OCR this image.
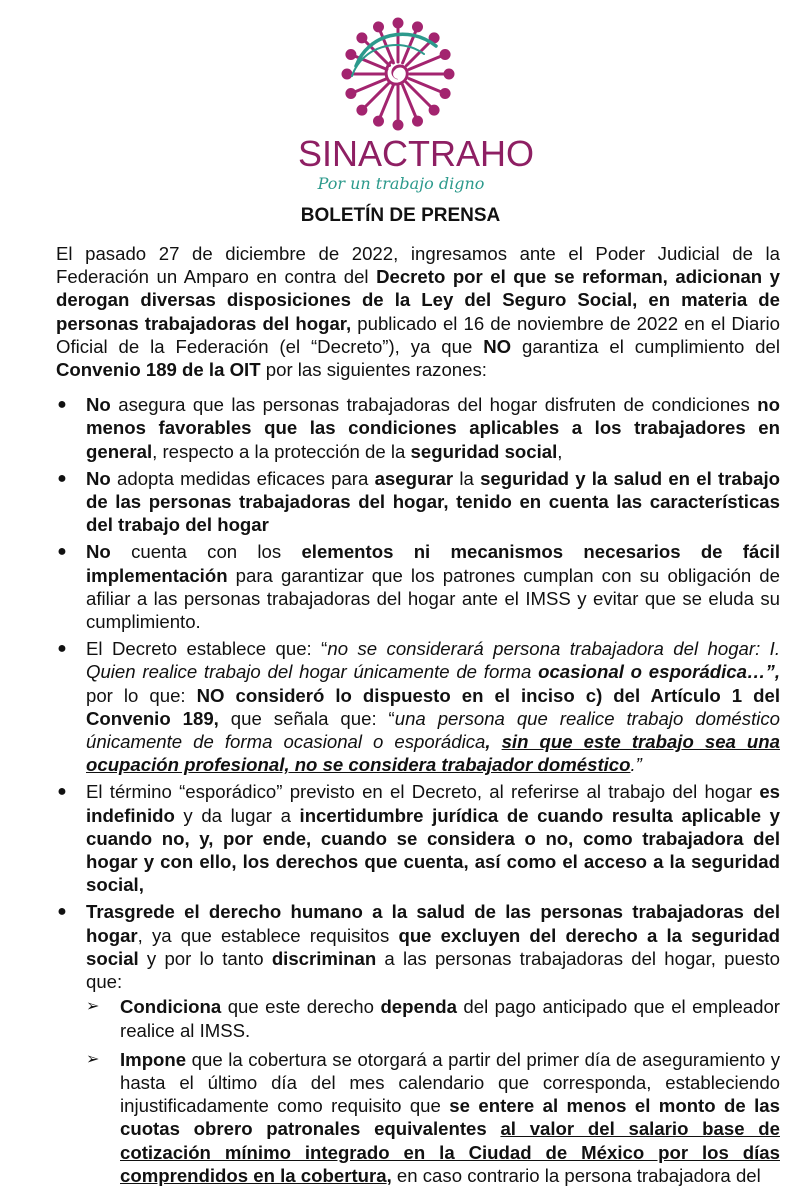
SINACTRAHO
Por un trabajo digno
BOLETÍN DE PRENSA

El pasado 27 de diciembre de 2022, ingresamos ante el Poder Judicial de la Federación un Amparo en contra del Decreto por el que se reforman, adicionan y derogan diversas disposiciones de la Ley del Seguro Social, en materia de personas trabajadoras del hogar, publicado el 16 de noviembre de 2022 en el Diario Oficial de la Federación (el “Decreto”), ya que NO garantiza el cumplimiento del Convenio 189 de la OIT por las siguientes razones:

● No asegura que las personas trabajadoras del hogar disfruten de condiciones no menos favorables que las condiciones aplicables a los trabajadores en general, respecto a la protección de la seguridad social,
● No adopta medidas eficaces para asegurar la seguridad y la salud en el trabajo de las personas trabajadoras del hogar, tenido en cuenta las características del trabajo del hogar
● No cuenta con los elementos ni mecanismos necesarios de fácil implementación para garantizar que los patrones cumplan con su obligación de afiliar a las personas trabajadoras del hogar ante el IMSS y evitar que se eluda su cumplimiento.
● El Decreto establece que: “no se considerará persona trabajadora del hogar: I. Quien realice trabajo del hogar únicamente de forma ocasional o esporádica…”, por lo que: NO consideró lo dispuesto en el inciso c) del Artículo 1 del Convenio 189, que señala que: “una persona que realice trabajo doméstico únicamente de forma ocasional o esporádica, sin que este trabajo sea una ocupación profesional, no se considera trabajador doméstico.”
● El término “esporádico” previsto en el Decreto, al referirse al trabajo del hogar es indefinido y da lugar a incertidumbre jurídica de cuando resulta aplicable y cuando no, y, por ende, cuando se considera o no, como trabajadora del hogar y con ello, los derechos que cuenta, así como el acceso a la seguridad social,
● Trasgrede el derecho humano a la salud de las personas trabajadoras del hogar, ya que establece requisitos que excluyen del derecho a la seguridad social y por lo tanto discriminan a las personas trabajadoras del hogar, puesto que:
➢	Condiciona que este derecho dependa del pago anticipado que el empleador realice al IMSS.
➢	Impone que la cobertura se otorgará a partir del primer día de aseguramiento y hasta el último día del mes calendario que corresponda, estableciendo injustificadamente como requisito que se entere al menos el monto de las cuotas obrero patronales equivalentes al valor del salario base de cotización mínimo integrado en la Ciudad de México por los días comprendidos en la cobertura, en caso contrario la persona trabajadora del
